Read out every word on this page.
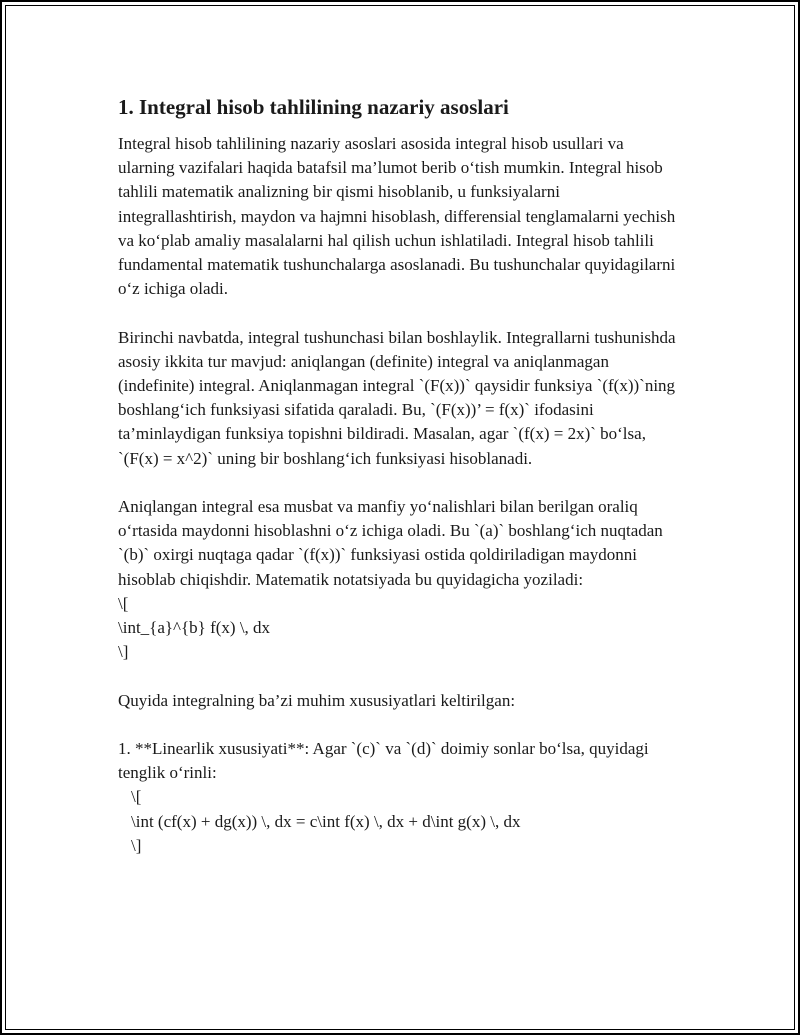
1. Integral hisob tahlilining nazariy asoslari

Integral hisob tahlilining nazariy asoslari asosida integral hisob usullari va ularning vazifalari haqida batafsil ma’lumot berib o‘tish mumkin. Integral hisob tahlili matematik analizning bir qismi hisoblanib, u funksiyalarni integrallashtirish, maydon va hajmni hisoblash, differensial tenglamalarni yechish va ko‘plab amaliy masalalarni hal qilish uchun ishlatiladi. Integral hisob tahlili fundamental matematik tushunchalarga asoslanadi. Bu tushunchalar quyidagilarni o‘z ichiga oladi.

Birinchi navbatda, integral tushunchasi bilan boshlaylik. Integrallarni tushunishda asosiy ikkita tur mavjud: aniqlangan (definite) integral va aniqlanmagan (indefinite) integral. Aniqlanmagan integral `(F(x))` qaysidir funksiya `(f(x))`ning boshlang‘ich funksiyasi sifatida qaraladi. Bu, `(F(x))’ = f(x)` ifodasini ta’minlaydigan funksiya topishni bildiradi. Masalan, agar `(f(x) = 2x)` bo‘lsa, `(F(x) = x^2)` uning bir boshlang‘ich funksiyasi hisoblanadi.

Aniqlangan integral esa musbat va manfiy yo‘nalishlari bilan berilgan oraliq o‘rtasida maydonni hisoblashni o‘z ichiga oladi. Bu `(a)` boshlang‘ich nuqtadan `(b)` oxirgi nuqtaga qadar `(f(x))` funksiyasi ostida qoldiriladigan maydonni hisoblab chiqishdir. Matematik notatsiyada bu quyidagicha yoziladi:

\[
\int_{a}^{b} f(x) \, dx
\]

Quyida integralning ba’zi muhim xususiyatlari keltirilgan:

1. **Linearlik xususiyati**: Agar `(c)` va `(d)` doimiy sonlar bo‘lsa, quyidagi tenglik o‘rinli:

\[
\int (cf(x) + dg(x)) \, dx = c\int f(x) \, dx + d\int g(x) \, dx
\]
